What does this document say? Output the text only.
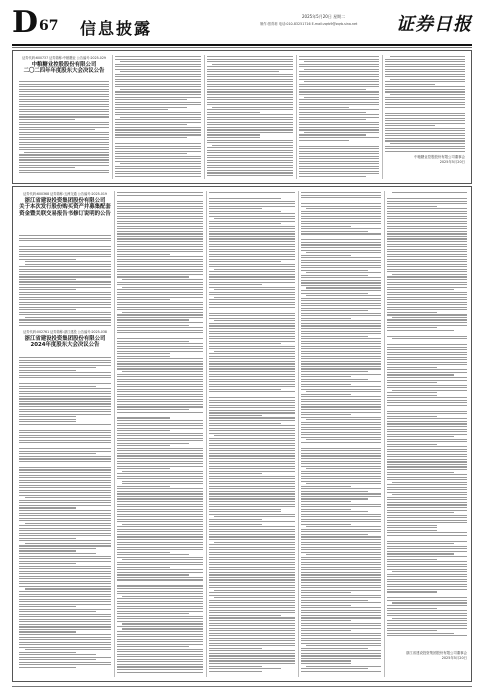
D67 信息披露
2025年5月20日 星期二
制作:蔡青莉 电话:010-83251716 E-mail:zqrb9@zqrb.sina.net 证券日报
证券代码:600737 证券简称:中粮糖业 公告编号:2025-029
中粮糖业控股股份有限公司
二〇二四年年度股东大会决议公告
中粮糖业控股股份有限公司董事会
2025年5月20日
证券代码:600368 证券简称:五洲交通 公告编号:2025-019
浙江省建设投资集团股份有限公司
关于本次发行股份购买资产并募集配套资金暨关联交易报告书修订说明的公告
证券代码:002761 证券简称:浙江建投 公告编号:2025-038
浙江省建设投资集团股份有限公司
2024年度股东大会决议公告
浙江省建设投资集团股份有限公司董事会
2025年5月20日
